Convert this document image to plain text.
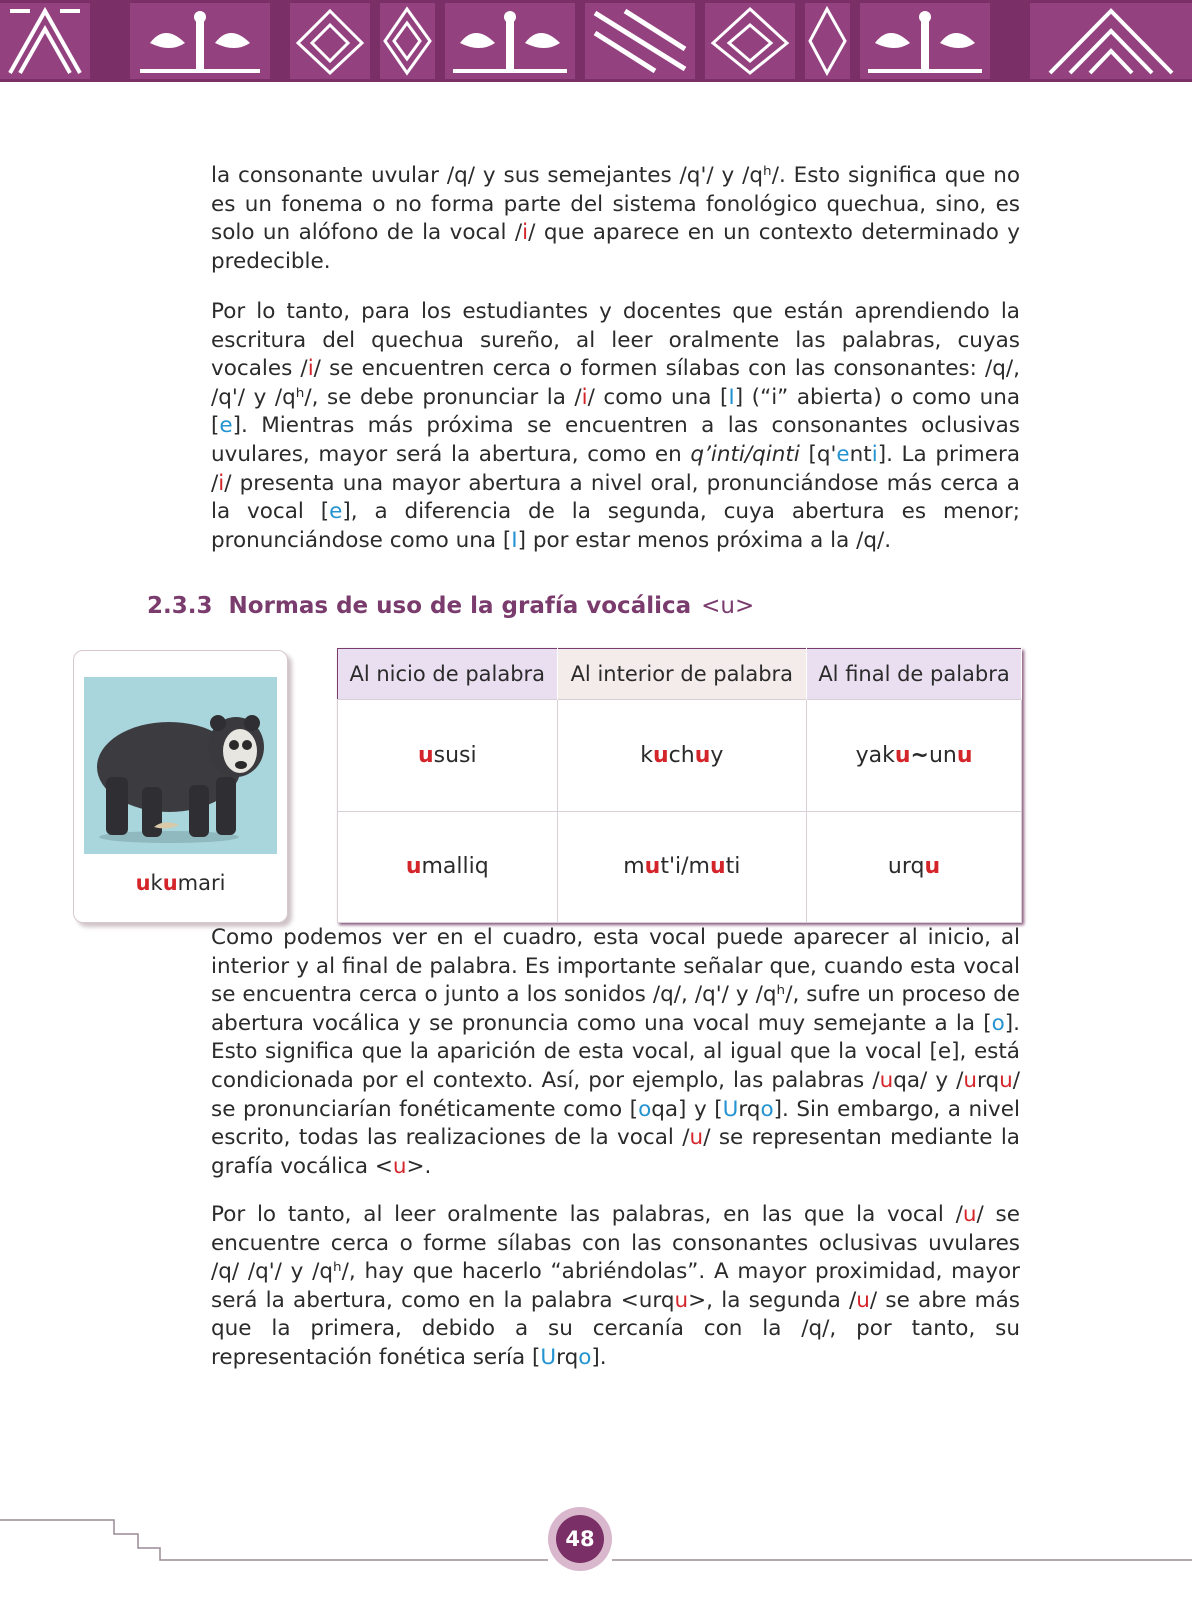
la consonante uvular /q/ y sus semejantes /q'/ y /qʰ/. Esto significa que no es un fonema o no forma parte del sistema fonológico quechua, sino, es solo un alófono de la vocal /i/ que aparece en un contexto determinado y predecible.

Por lo tanto, para los estudiantes y docentes que están aprendiendo la escritura del quechua sureño, al leer oralmente las palabras, cuyas vocales /i/ se encuentren cerca o formen sílabas con las consonantes: /q/, /q'/ y /qʰ/, se debe pronunciar la /i/ como una [I] (“i” abierta) o como una [e]. Mientras más próxima se encuentren a las consonantes oclusivas uvulares, mayor será la abertura, como en q’inti/qinti [q'enti]. La primera /i/ presenta una mayor abertura a nivel oral, pronunciándose más cerca a la vocal [e], a diferencia de la segunda, cuya abertura es menor; pronunciándose como una [I] por estar menos próxima a la /q/.

2.3.3 Normas de uso de la grafía vocálica <u>
ukumari
Al nicio de palabra	Al interior de palabra	Al final de palabra
ususi	kuchuy	yaku~unu
umalliq	mut'i/muti	urqu

Como podemos ver en el cuadro, esta vocal puede aparecer al inicio, al interior y al final de palabra. Es importante señalar que, cuando esta vocal se encuentra cerca o junto a los sonidos /q/, /q'/ y /qʰ/, sufre un proceso de abertura vocálica y se pronuncia como una vocal muy semejante a la [o]. Esto significa que la aparición de esta vocal, al igual que la vocal [e], está condicionada por el contexto. Así, por ejemplo, las palabras /uqa/ y /urqu/ se pronunciarían fonéticamente como [oqa] y [Urqo]. Sin embargo, a nivel escrito, todas las realizaciones de la vocal /u/ se representan mediante la grafía vocálica <u>.

Por lo tanto, al leer oralmente las palabras, en las que la vocal /u/ se encuentre cerca o forme sílabas con las consonantes oclusivas uvulares /q/ /q'/ y /qʰ/, hay que hacerlo “abriéndolas”. A mayor proximidad, mayor será la abertura, como en la palabra <urqu>, la segunda /u/ se abre más que la primera, debido a su cercanía con la /q/, por tanto, su representación fonética sería [Urqo].

48
